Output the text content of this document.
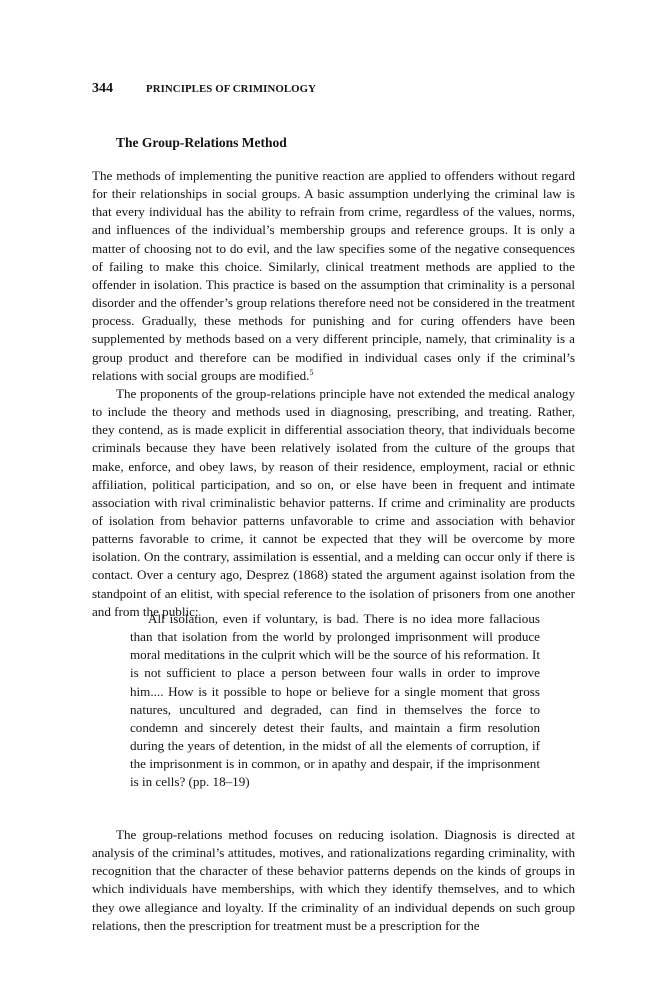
344	PRINCIPLES OF CRIMINOLOGY
The Group-Relations Method

The methods of implementing the punitive reaction are applied to offenders without regard for their relationships in social groups. A basic assumption underlying the criminal law is that every individual has the ability to refrain from crime, regardless of the values, norms, and influences of the individual’s membership groups and reference groups. It is only a matter of choosing not to do evil, and the law specifies some of the negative consequences of failing to make this choice. Similarly, clinical treatment methods are applied to the offender in isolation. This practice is based on the assumption that criminality is a personal disorder and the offender’s group relations therefore need not be considered in the treatment process. Gradually, these methods for punishing and for curing offenders have been supplemented by methods based on a very different principle, namely, that criminality is a group product and therefore can be modified in individual cases only if the criminal’s relations with social groups are modified.$^5$

The proponents of the group-relations principle have not extended the medical analogy to include the theory and methods used in diagnosing, prescribing, and treating. Rather, they contend, as is made explicit in differential association theory, that individuals become criminals because they have been relatively isolated from the culture of the groups that make, enforce, and obey laws, by reason of their residence, employment, racial or ethnic affiliation, political participation, and so on, or else have been in frequent and intimate association with rival criminalistic behavior patterns. If crime and criminality are products of isolation from behavior patterns unfavorable to crime and association with behavior patterns favorable to crime, it cannot be expected that they will be overcome by more isolation. On the contrary, assimilation is essential, and a melding can occur only if there is contact. Over a century ago, Desprez (1868) stated the argument against isolation from the standpoint of an elitist, with special reference to the isolation of prisoners from one another and from the public:

All isolation, even if voluntary, is bad. There is no idea more fallacious than that isolation from the world by prolonged imprisonment will produce moral meditations in the culprit which will be the source of his reformation. It is not sufficient to place a person between four walls in order to improve him.... How is it possible to hope or believe for a single moment that gross natures, uncultured and degraded, can find in themselves the force to condemn and sincerely detest their faults, and maintain a firm resolution during the years of detention, in the midst of all the elements of corruption, if the imprisonment is in common, or in apathy and despair, if the imprisonment is in cells? (pp. 18–19)

The group-relations method focuses on reducing isolation. Diagnosis is directed at analysis of the criminal’s attitudes, motives, and rationalizations regarding criminality, with recognition that the character of these behavior patterns depends on the kinds of groups in which individuals have memberships, with which they identify themselves, and to which they owe allegiance and loyalty. If the criminality of an individual depends on such group relations, then the prescription for treatment must be a prescription for the
